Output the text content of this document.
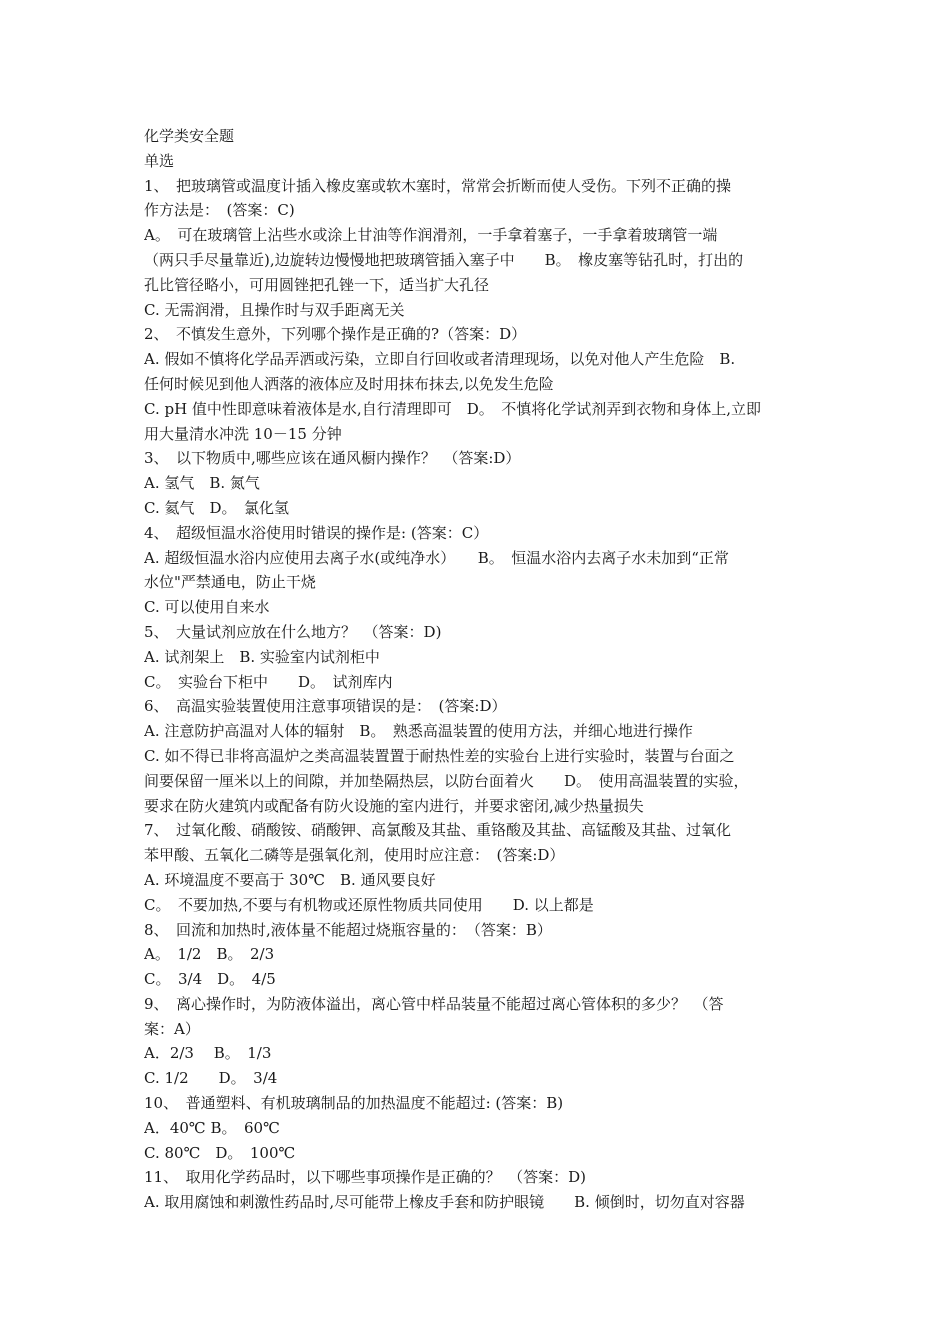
化学类安全题
单选
1、　把玻璃管或温度计插入橡皮塞或软木塞时，常常会折断而使人受伤。下列不正确的操
作方法是：　(答案：C)
A。　可在玻璃管上沾些水或涂上甘油等作润滑剂，一手拿着塞子，一手拿着玻璃管一端
（两只手尽量靠近),边旋转边慢慢地把玻璃管插入塞子中　　B。　橡皮塞等钻孔时，打出的
孔比管径略小，可用圆锉把孔锉一下，适当扩大孔径
C. 无需润滑，且操作时与双手距离无关
2、　不慎发生意外，下列哪个操作是正确的?（答案：D）
A. 假如不慎将化学品弄洒或污染，立即自行回收或者清理现场，以免对他人产生危险　B.
任何时候见到他人洒落的液体应及时用抹布抹去,以免发生危险
C. pH 值中性即意味着液体是水,自行清理即可　D。　不慎将化学试剂弄到衣物和身体上,立即
用大量清水冲洗 10－15 分钟
3、　以下物质中,哪些应该在通风橱内操作？　（答案:D）
A. 氢气　B. 氮气
C. 氦气　D。　氯化氢
4、　超级恒温水浴使用时错误的操作是: (答案：C）
A. 超级恒温水浴内应使用去离子水(或纯净水）　　B。　恒温水浴内去离子水未加到“正常
水位"严禁通电，防止干烧
C. 可以使用自来水
5、　大量试剂应放在什么地方？　（答案：D)
A. 试剂架上　B. 实验室内试剂柜中
C。　实验台下柜中　　D。　试剂库内
6、　高温实验装置使用注意事项错误的是：　(答案:D）
A. 注意防护高温对人体的辐射　B。　熟悉高温装置的使用方法，并细心地进行操作
C. 如不得已非将高温炉之类高温装置置于耐热性差的实验台上进行实验时，装置与台面之
间要保留一厘米以上的间隙，并加垫隔热层，以防台面着火　　D。　使用高温装置的实验，
要求在防火建筑内或配备有防火设施的室内进行，并要求密闭,减少热量损失
7、　过氧化酸、硝酸铵、硝酸钾、高氯酸及其盐、重铬酸及其盐、高锰酸及其盐、过氧化
苯甲酸、五氧化二磷等是强氧化剂，使用时应注意：　(答案:D）
A. 环境温度不要高于 30℃　B. 通风要良好
C。　不要加热,不要与有机物或还原性物质共同使用　　D. 以上都是
8、　回流和加热时,液体量不能超过烧瓶容量的：　（答案：B）
A。　1/2　B。　2/3
C。　3/4　D。　4/5
9、　离心操作时，为防液体溢出，离心管中样品装量不能超过离心管体积的多少？　（答
案：A）
A．2/3　 B。　1/3
C. 1/2　　D。　3/4
10、　普通塑料、有机玻璃制品的加热温度不能超过: (答案：B)
A．40℃ B。　60℃
C. 80℃　D。　100℃
11、　取用化学药品时，以下哪些事项操作是正确的？　（答案：D)
A. 取用腐蚀和刺激性药品时,尽可能带上橡皮手套和防护眼镜　　B. 倾倒时，切勿直对容器
